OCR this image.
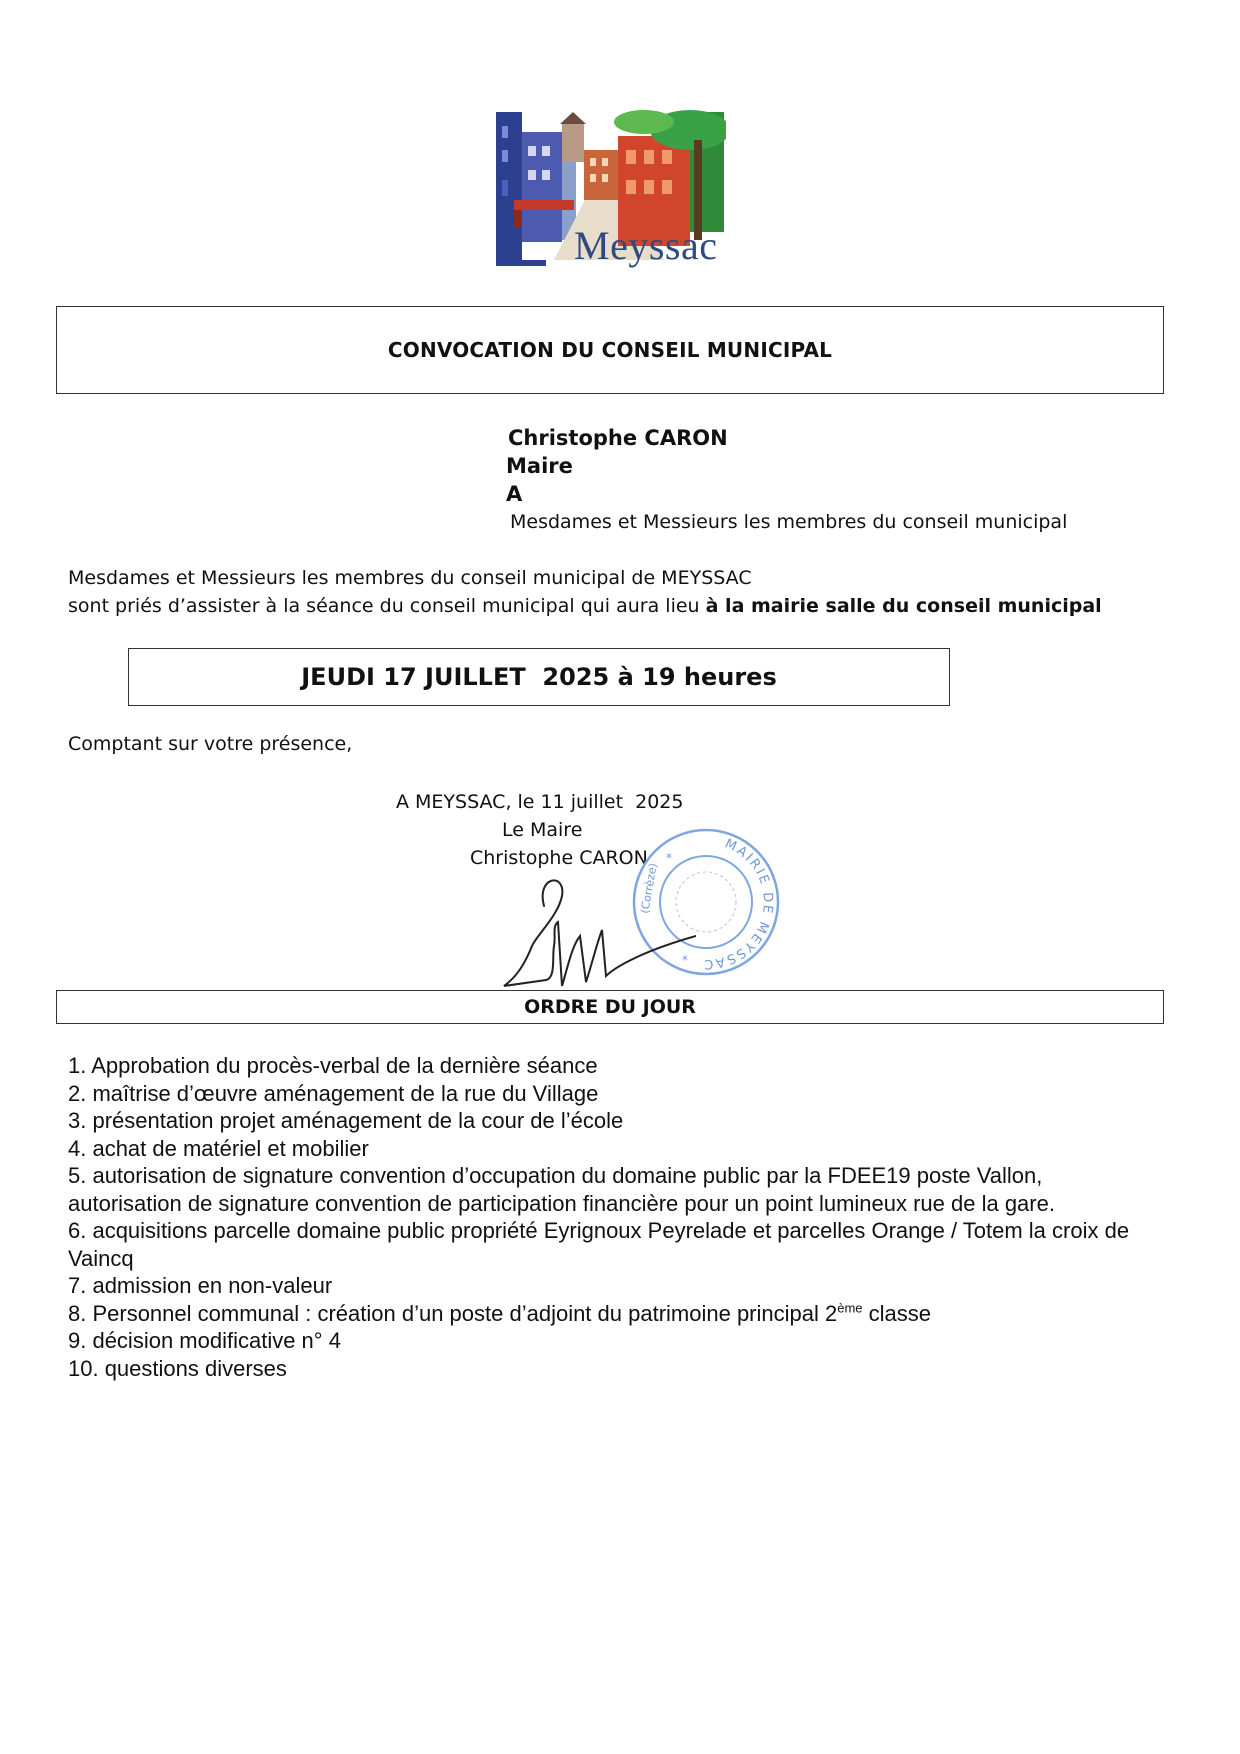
Meyssac
CONVOCATION DU CONSEIL MUNICIPAL
Christophe CARON
Maire
A
Mesdames et Messieurs les membres du conseil municipal
Mesdames et Messieurs les membres du conseil municipal de MEYSSAC
sont priés d’assister à la séance du conseil municipal qui aura lieu à la mairie salle du conseil municipal
JEUDI 17 JUILLET  2025 à 19 heures
Comptant sur votre présence,
A MEYSSAC, le 11 juillet  2025
Le Maire
Christophe CARON
MAIRIE DE MEYSSAC
(Corrèze)
*
*
ORDRE DU JOUR
1. Approbation du procès-verbal de la dernière séance
2. maîtrise d’œuvre aménagement de la rue du Village
3. présentation projet aménagement de la cour de l’école
4. achat de matériel et mobilier
5. autorisation de signature convention d’occupation du domaine public par la FDEE19 poste Vallon, autorisation de signature convention de participation financière pour un point lumineux rue de la gare.
6. acquisitions parcelle domaine public propriété Eyrignoux Peyrelade et parcelles Orange / Totem la croix de Vaincq
7. admission en non-valeur
8. Personnel communal : création d’un poste d’adjoint du patrimoine principal 2ème classe
9. décision modificative n° 4
10. questions diverses
